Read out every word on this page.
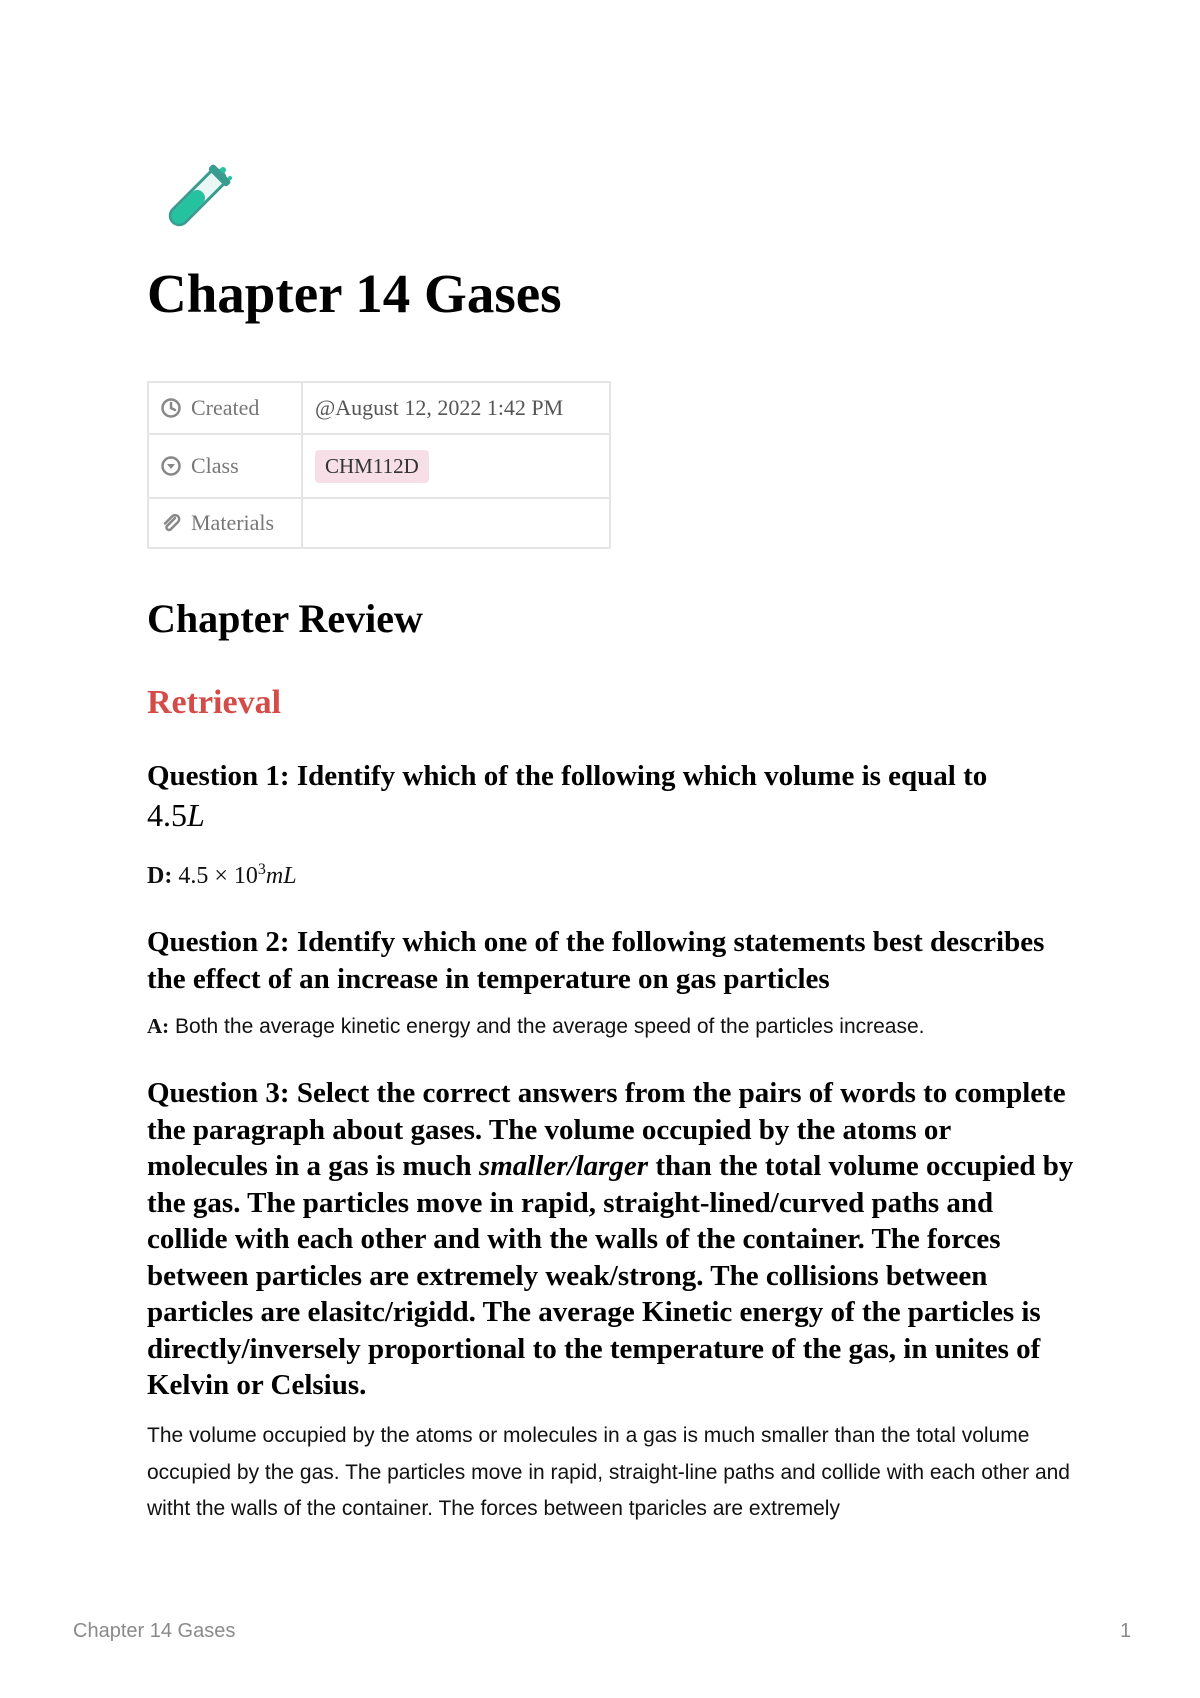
Chapter 14 Gases
Created	@August 12, 2022 1:42 PM
Class	CHM112D
Materials	
Chapter Review
Retrieval

Question 1: Identify which of the following which volume is equal to
4.5L

D: $4.5 \times 10^3mL$

Question 2: Identify which one of the following statements best describes the effect of an increase in temperature on gas particles

A: Both the average kinetic energy and the average speed of the particles increase.

Question 3: Select the correct answers from the pairs of words to complete the paragraph about gases. The volume occupied by the atoms or molecules in a gas is much smaller/larger than the total volume occupied by the gas. The particles move in rapid, straight-lined/curved paths and collide with each other and with the walls of the container. The forces between particles are extremely weak/strong. The collisions between particles are elasitc/rigidd. The average Kinetic energy of the particles is directly/inversely proportional to the temperature of the gas, in unites of Kelvin or Celsius.

The volume occupied by the atoms or molecules in a gas is much smaller than the total volume occupied by the gas. The particles move in rapid, straight-line paths and collide with each other and witht the walls of the container. The forces between tparicles are extremely

Chapter 14 Gases	1
